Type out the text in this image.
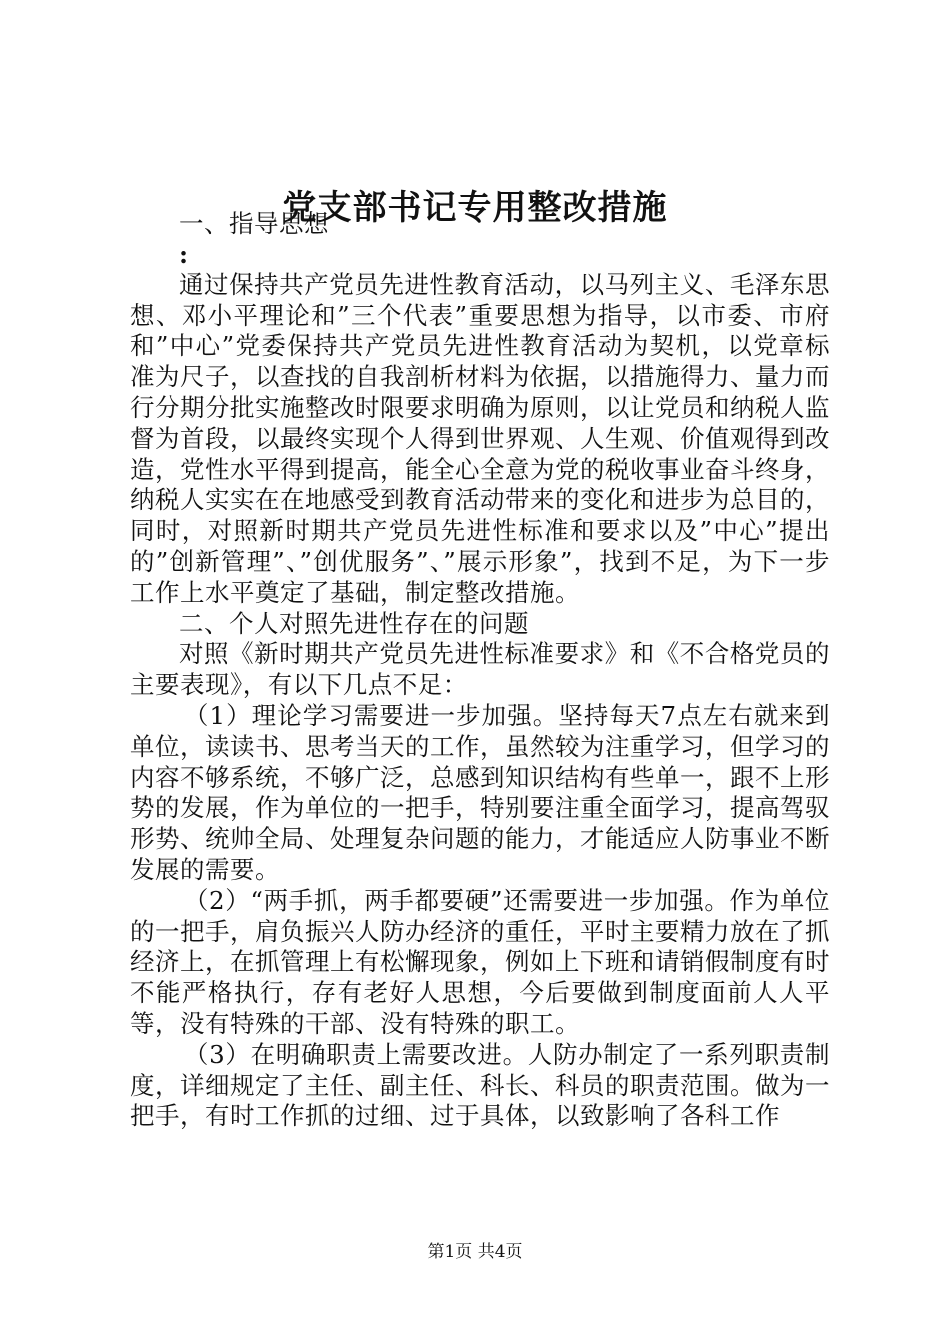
党支部书记专用整改措施

一、指导思想

:

通过保持共产党员先进性教育活动，以马列主义、毛泽东思想、邓小平理论和”三个代表”重要思想为指导，以市委、市府和”中心”党委保持共产党员先进性教育活动为契机，以党章标准为尺子，以查找的自我剖析材料为依据，以措施得力、量力而行分期分批实施整改时限要求明确为原则，以让党员和纳税人监督为首段，以最终实现个人得到世界观、人生观、价值观得到改造，党性水平得到提高，能全心全意为党的税收事业奋斗终身，纳税人实实在在地感受到教育活动带来的变化和进步为总目的，同时，对照新时期共产党员先进性标准和要求以及”中心”提出的”创新管理”、”创优服务”、”展示形象”，找到不足，为下一步工作上水平奠定了基础，制定整改措施。

二、个人对照先进性存在的问题

对照《新时期共产党员先进性标准要求》和《不合格党员的主要表现》，有以下几点不足：

（1）理论学习需要进一步加强。坚持每天7点左右就来到单位，读读书、思考当天的工作，虽然较为注重学习，但学习的内容不够系统，不够广泛，总感到知识结构有些单一，跟不上形势的发展，作为单位的一把手，特别要注重全面学习，提高驾驭形势、统帅全局、处理复杂问题的能力，才能适应人防事业不断发展的需要。

（2）“两手抓，两手都要硬”还需要进一步加强。作为单位的一把手，肩负振兴人防办经济的重任，平时主要精力放在了抓经济上，在抓管理上有松懈现象，例如上下班和请销假制度有时不能严格执行，存有老好人思想，今后要做到制度面前人人平等，没有特殊的干部、没有特殊的职工。

（3）在明确职责上需要改进。人防办制定了一系列职责制度，详细规定了主任、副主任、科长、科员的职责范围。做为一把手，有时工作抓的过细、过于具体，以致影响了各科工作

第1页 共4页
